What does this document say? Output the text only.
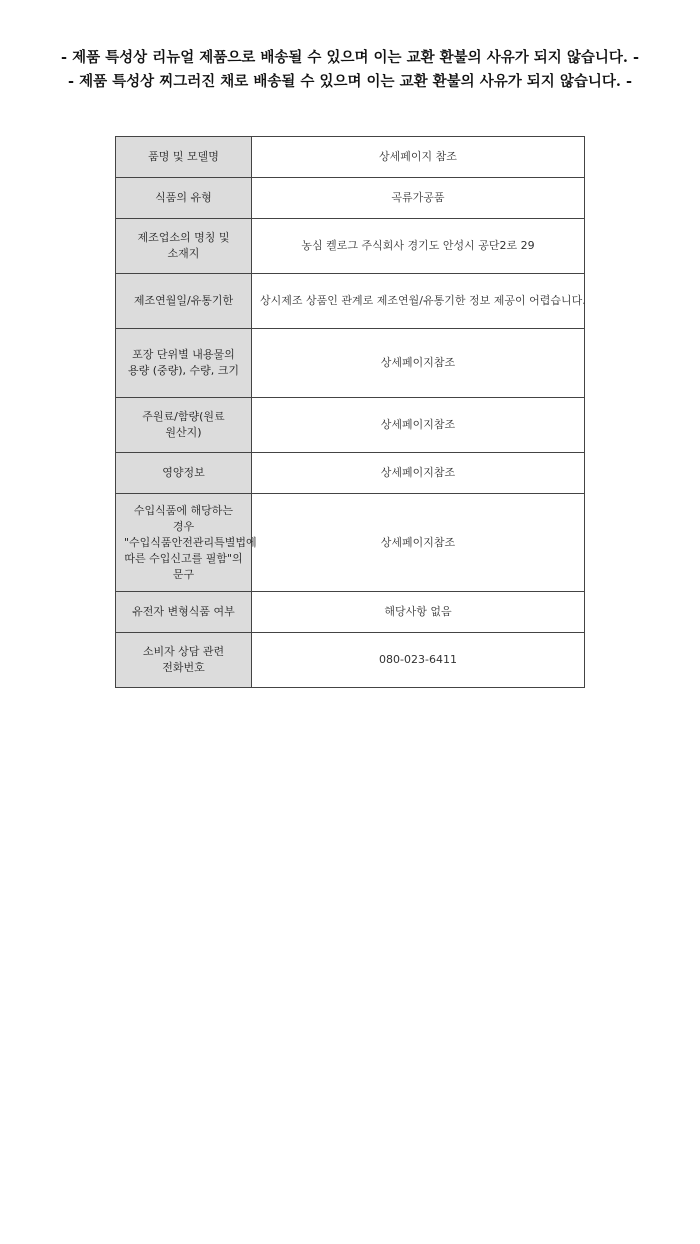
- 제품 특성상 리뉴얼 제품으로 배송될 수 있으며 이는 교환 환불의 사유가 되지 않습니다. -
- 제품 특성상 찌그러진 채로 배송될 수 있으며 이는 교환 환불의 사유가 되지 않습니다. -
품명 및 모델명	상세페이지 참조
식품의 유형	곡류가공품
제조업소의 명칭 및 소재지	농심 켈로그 주식회사 경기도 안성시 공단2로 29
제조연월일/유통기한	상시제조 상품인 관계로 제조연월/유통기한 정보 제공이 어렵습니다.
포장 단위별 내용물의 용량 (중량), 수량, 크기	상세페이지참조
주원료/함량(원료 원산지)	상세페이지참조
영양정보	상세페이지참조
수입식품에 해당하는 경우 "수입식품안전관리특별법에 따른 수입신고를 필함"의 문구	상세페이지참조
유전자 변형식품 여부	해당사항 없음
소비자 상담 관련 전화번호	080-023-6411
